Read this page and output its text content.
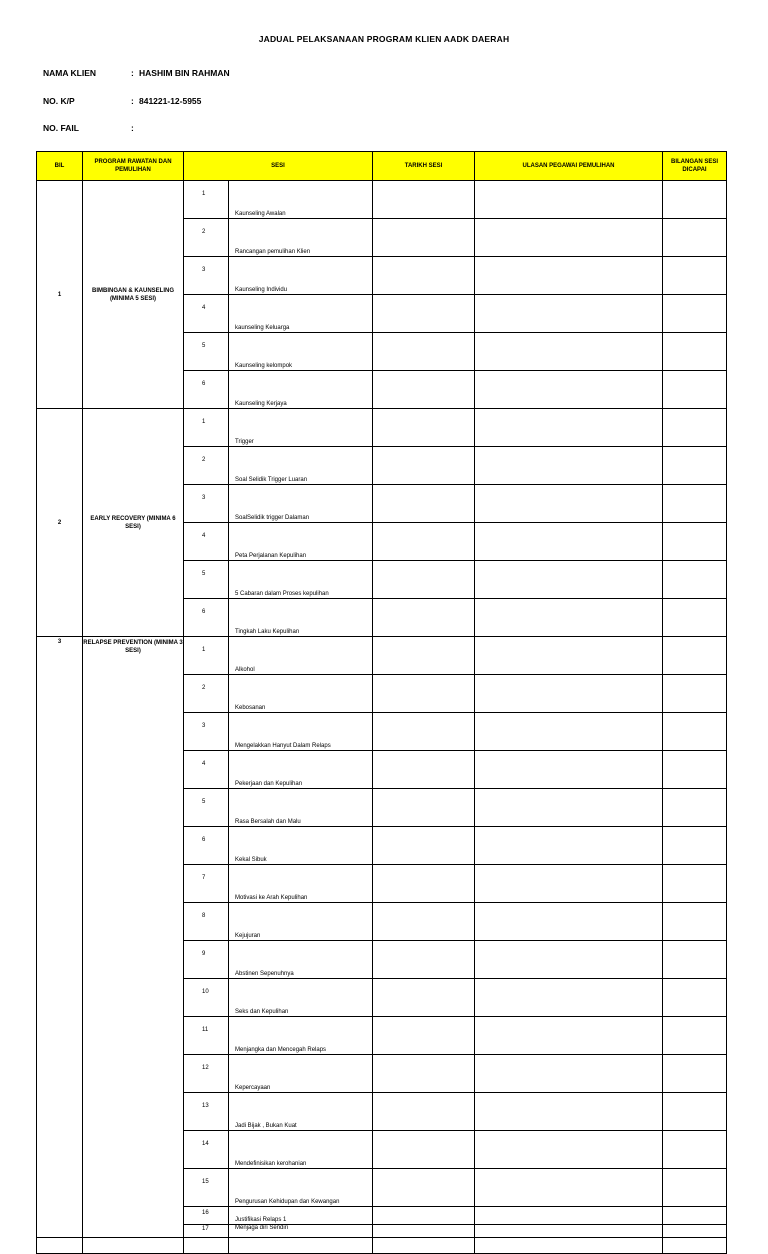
JADUAL PELAKSANAAN PROGRAM KLIEN AADK DAERAH
NAMA KLIEN	: HASHIM BIN RAHMAN
NO. K/P	: 841221-12-5955
NO. FAIL	:
BIL	PROGRAM RAWATAN DAN PEMULIHAN	SESI		TARIKH SESI	ULASAN PEGAWAI PEMULIHAN	BILANGAN SESI DICAPAI
1	BIMBINGAN & KAUNSELING (MINIMA 5 SESI)	1	Kaunseling Awalan			
		2	Rancangan pemulihan Klien			
		3	Kaunseling Individu			
		4	kaunseling Keluarga			
		5	Kaunseling kelompok			
		6	Kaunseling Kerjaya			
2	EARLY RECOVERY (MINIMA 6 SESI)	1	Trigger			
		2	Soal Selidik Trigger Luaran			
		3	SoalSelidik trigger Dalaman			
		4	Peta Perjalanan Kepulihan			
		5	5 Cabaran dalam Proses kepulihan			
		6	Tingkah Laku Kepulihan			
3	RELAPSE PREVENTION (MINIMA 3 SESI)	1	Alkohol			
		2	Kebosanan			
		3	Mengelakkan Hanyut Dalam Relaps			
		4	Pekerjaan dan Kepulihan			
		5	Rasa Bersalah dan Malu			
		6	Kekal Sibuk			
		7	Motivasi ke Arah Kepulihan			
		8	Kejujuran			
		9	Abstinen Sepenuhnya			
		10	Seks dan Kepulihan			
		11	Menjangka dan Mencegah Relaps			
		12	Kepercayaan			
		13	Jadi Bijak , Bukan Kuat			
		14	Mendefinisikan kerohanian			
		15	Pengurusan Kehidupan dan Kewangan			
		16	Justifikasi Relaps 1			
		17	Menjaga diri Sendiri			
